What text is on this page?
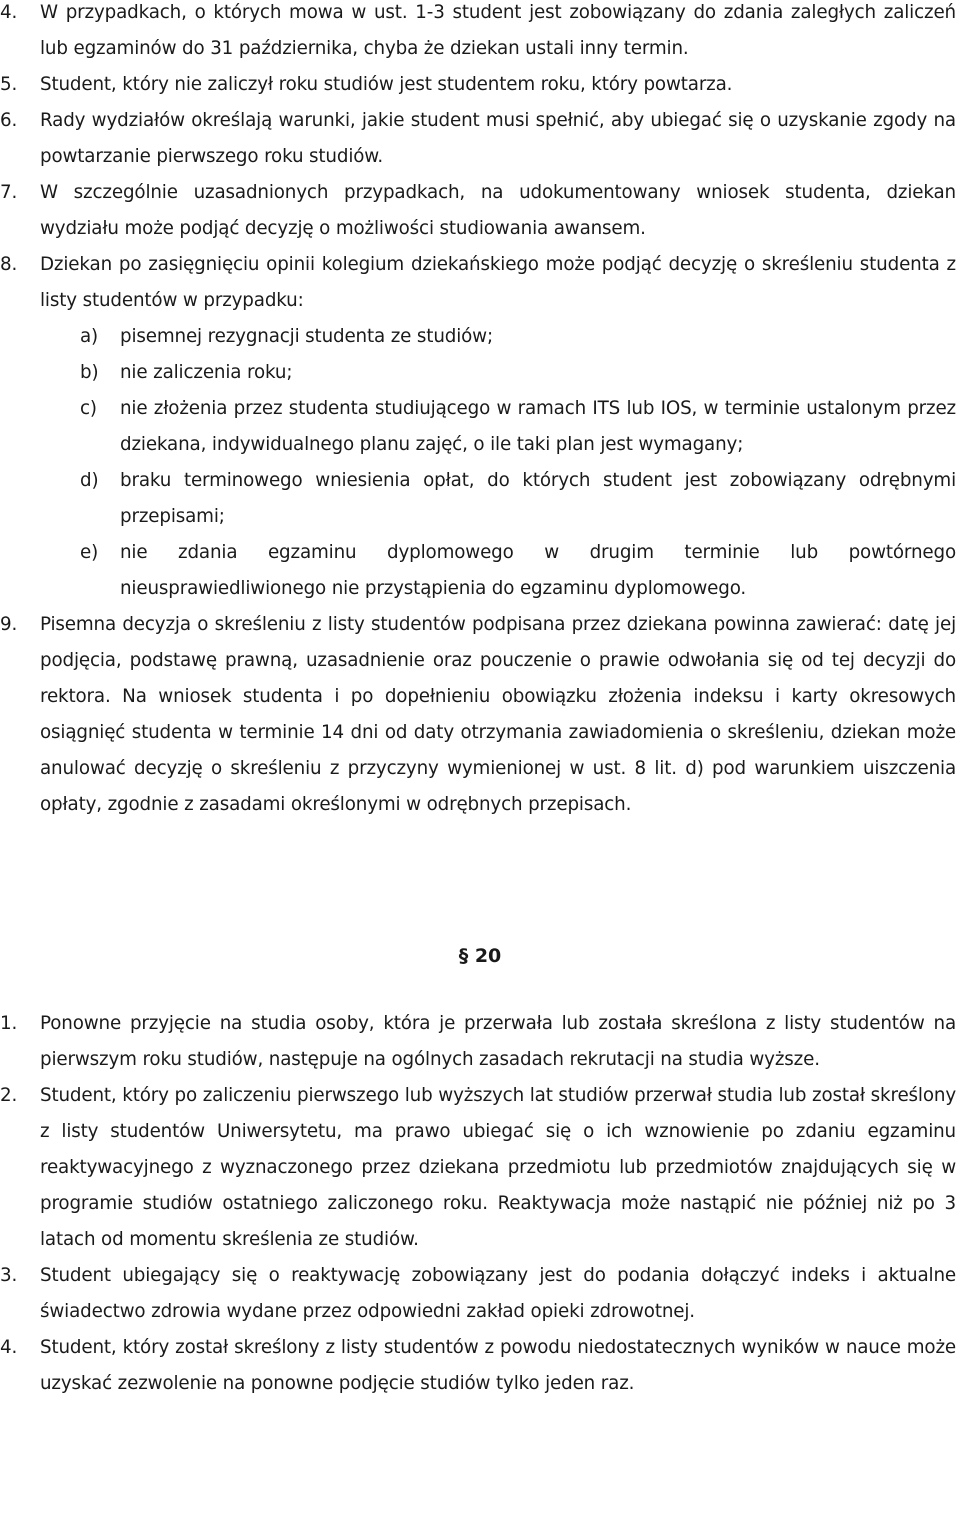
4. W przypadkach, o których mowa w ust. 1-3 student jest zobowiązany do zdania zaległych zaliczeń lub egzaminów do 31 października, chyba że dziekan ustali inny termin.
5. Student, który nie zaliczył roku studiów jest studentem roku, który powtarza.
6. Rady wydziałów określają warunki, jakie student musi spełnić, aby ubiegać się o uzyskanie zgody na powtarzanie pierwszego roku studiów.
7. W szczególnie uzasadnionych przypadkach, na udokumentowany wniosek studenta, dziekan wydziału może podjąć decyzję o możliwości studiowania awansem.
8. Dziekan po zasięgnięciu opinii kolegium dziekańskiego może podjąć decyzję o skreśleniu studenta z listy studentów w przypadku:
a) pisemnej rezygnacji studenta ze studiów;
b) nie zaliczenia roku;
c) nie złożenia przez studenta studiującego w ramach ITS lub IOS, w terminie ustalonym przez dziekana, indywidualnego planu zajęć, o ile taki plan jest wymagany;
d) braku terminowego wniesienia opłat, do których student jest zobowiązany odrębnymi przepisami;
e) nie zdania egzaminu dyplomowego w drugim terminie lub powtórnego nieusprawiedliwionego nie przystąpienia do egzaminu dyplomowego.
9. Pisemna decyzja o skreśleniu z listy studentów podpisana przez dziekana powinna zawierać: datę jej podjęcia, podstawę prawną, uzasadnienie oraz pouczenie o prawie odwołania się od tej decyzji do rektora. Na wniosek studenta i po dopełnieniu obowiązku złożenia indeksu i karty okresowych osiągnięć studenta w terminie 14 dni od daty otrzymania zawiadomienia o skreśleniu, dziekan może anulować decyzję o skreśleniu z przyczyny wymienionej w ust. 8 lit. d) pod warunkiem uiszczenia opłaty, zgodnie z zasadami określonymi w odrębnych przepisach.
§ 20
1. Ponowne przyjęcie na studia osoby, która je przerwała lub została skreślona z listy studentów na pierwszym roku studiów, następuje na ogólnych zasadach rekrutacji na studia wyższe.
2. Student, który po zaliczeniu pierwszego lub wyższych lat studiów przerwał studia lub został skreślony z listy studentów Uniwersytetu, ma prawo ubiegać się o ich wznowienie po zdaniu egzaminu reaktywacyjnego z wyznaczonego przez dziekana przedmiotu lub przedmiotów znajdujących się w programie studiów ostatniego zaliczonego roku. Reaktywacja może nastąpić nie później niż po 3 latach od momentu skreślenia ze studiów.
3. Student ubiegający się o reaktywację zobowiązany jest do podania dołączyć indeks i aktualne świadectwo zdrowia wydane przez odpowiedni zakład opieki zdrowotnej.
4. Student, który został skreślony z listy studentów z powodu niedostatecznych wyników w nauce może uzyskać zezwolenie na ponowne podjęcie studiów tylko jeden raz.
